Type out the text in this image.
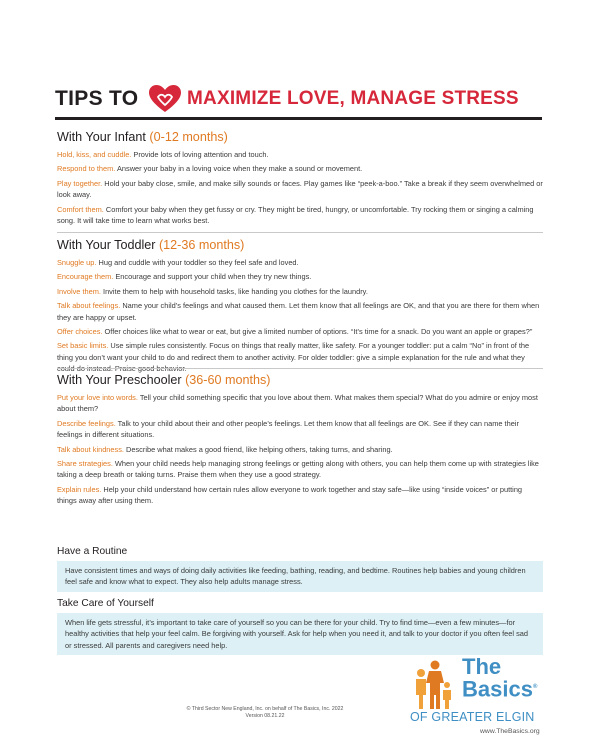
TIPS TO	MAXIMIZE LOVE, MANAGE STRESS
With Your Infant (0-12 months)

Hold, kiss, and cuddle. Provide lots of loving attention and touch.

Respond to them. Answer your baby in a loving voice when they make a sound or movement.

Play together. Hold your baby close, smile, and make silly sounds or faces. Play games like “peek-a-boo.” Take a break if they seem overwhelmed or look away.

Comfort them. Comfort your baby when they get fussy or cry. They might be tired, hungry, or uncomfortable. Try rocking them or singing a calming song. It will take time to learn what works best.

With Your Toddler (12-36 months)

Snuggle up. Hug and cuddle with your toddler so they feel safe and loved.

Encourage them. Encourage and support your child when they try new things.

Involve them. Invite them to help with household tasks, like handing you clothes for the laundry.

Talk about feelings. Name your child’s feelings and what caused them. Let them know that all feelings are OK, and that you are there for them when they are happy or upset.

Offer choices. Offer choices like what to wear or eat, but give a limited number of options. “It’s time for a snack. Do you want an apple or grapes?”

Set basic limits. Use simple rules consistently. Focus on things that really matter, like safety. For a younger toddler: put a calm “No” in front of the thing you don’t want your child to do and redirect them to another activity. For older toddler: give a simple explanation for the rule and what they

With Your Preschooler (36-60 months)

Put your love into words. Tell your child something specific that you love about them. What makes them special? What do you admire or enjoy most about them?

Describe feelings. Talk to your child about their and other people’s feelings. Let them know that all feelings are OK. See if they can name their feelings in different situations.

Talk about kindness. Describe what makes a good friend, like helping others, taking turns, and sharing.

Share strategies. When your child needs help managing strong feelings or getting along with others, you can help them come up with strategies like taking a deep breath or taking turns. Praise them when they use a good strategy.

Explain rules. Help your child understand how certain rules allow everyone to work together and stay safe—like using “inside voices” or putting things away after using them.

Have a Routine
Have consistent times and ways of doing daily activities like feeding, bathing, reading, and bedtime. Routines help babies and young children feel safe and know what to expect. They also help adults manage stress.
Take Care of Yourself
When life gets stressful, it’s important to take care of yourself so you can be there for your child. Try to find time—even a few minutes—for healthy activities that help your feel calm. Be forgiving with yourself. Ask for help when you need it, and talk to your doctor if you often feel sad or stressed. All parents and caregivers need help.
© Third Sector New England, Inc. on behalf of The Basics, Inc. 2022
Version 08.21.22
The
Basics®
OF GREATER ELGIN
www.TheBasics.org
